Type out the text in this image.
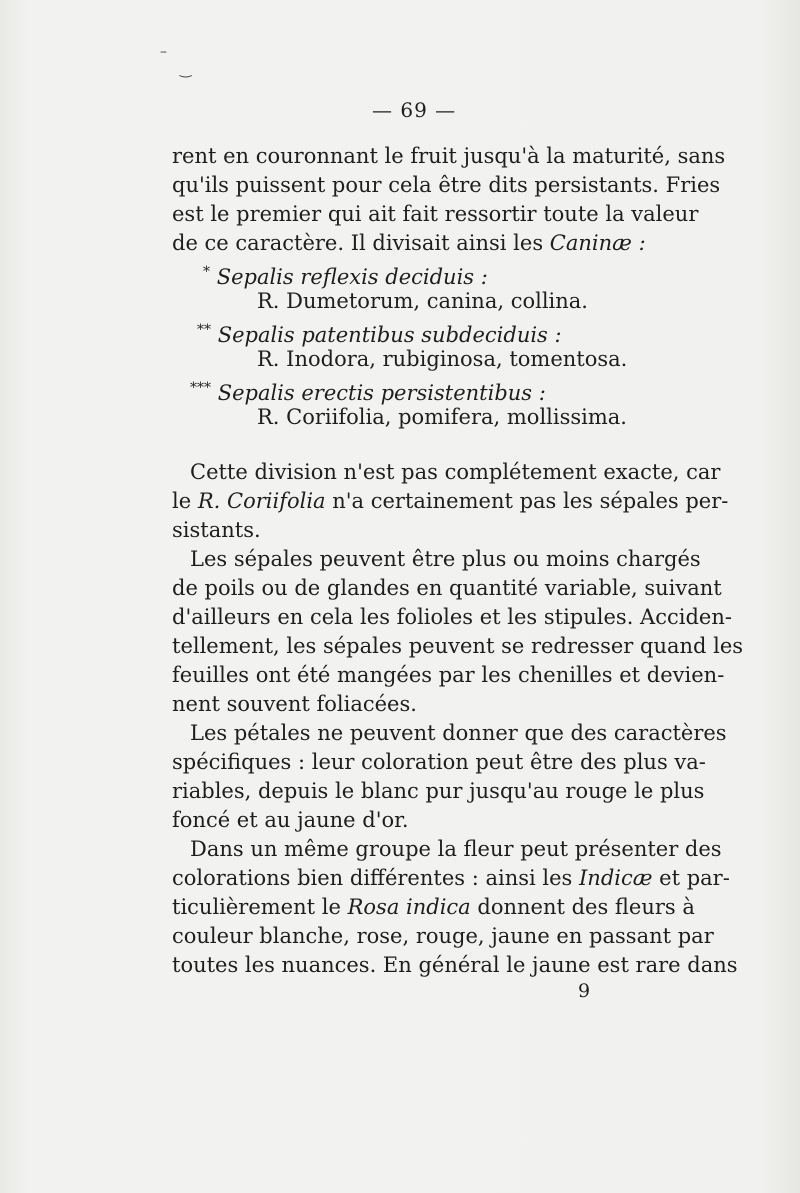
–
‿
— 69 —
rent en couronnant le fruit jusqu'à la maturité, sans
qu'ils puissent pour cela être dits persistants. Fries
est le premier qui ait fait ressortir toute la valeur
de ce caractère. Il divisait ainsi les Caninæ :
* Sepalis reflexis deciduis :
R. Dumetorum, canina, collina.
** Sepalis patentibus subdeciduis :
R. Inodora, rubiginosa, tomentosa.
*** Sepalis erectis persistentibus :
R. Coriifolia, pomifera, mollissima.
Cette division n'est pas complétement exacte, car
le R. Coriifolia n'a certainement pas les sépales per-
sistants.
Les sépales peuvent être plus ou moins chargés
de poils ou de glandes en quantité variable, suivant
d'ailleurs en cela les folioles et les stipules. Acciden-
tellement, les sépales peuvent se redresser quand les
feuilles ont été mangées par les chenilles et devien-
nent souvent foliacées.
Les pétales ne peuvent donner que des caractères
spécifiques : leur coloration peut être des plus va-
riables, depuis le blanc pur jusqu'au rouge le plus
foncé et au jaune d'or.
Dans un même groupe la fleur peut présenter des
colorations bien différentes : ainsi les Indicæ et par-
ticulièrement le Rosa indica donnent des fleurs à
couleur blanche, rose, rouge, jaune en passant par
toutes les nuances. En général le jaune est rare dans
9
